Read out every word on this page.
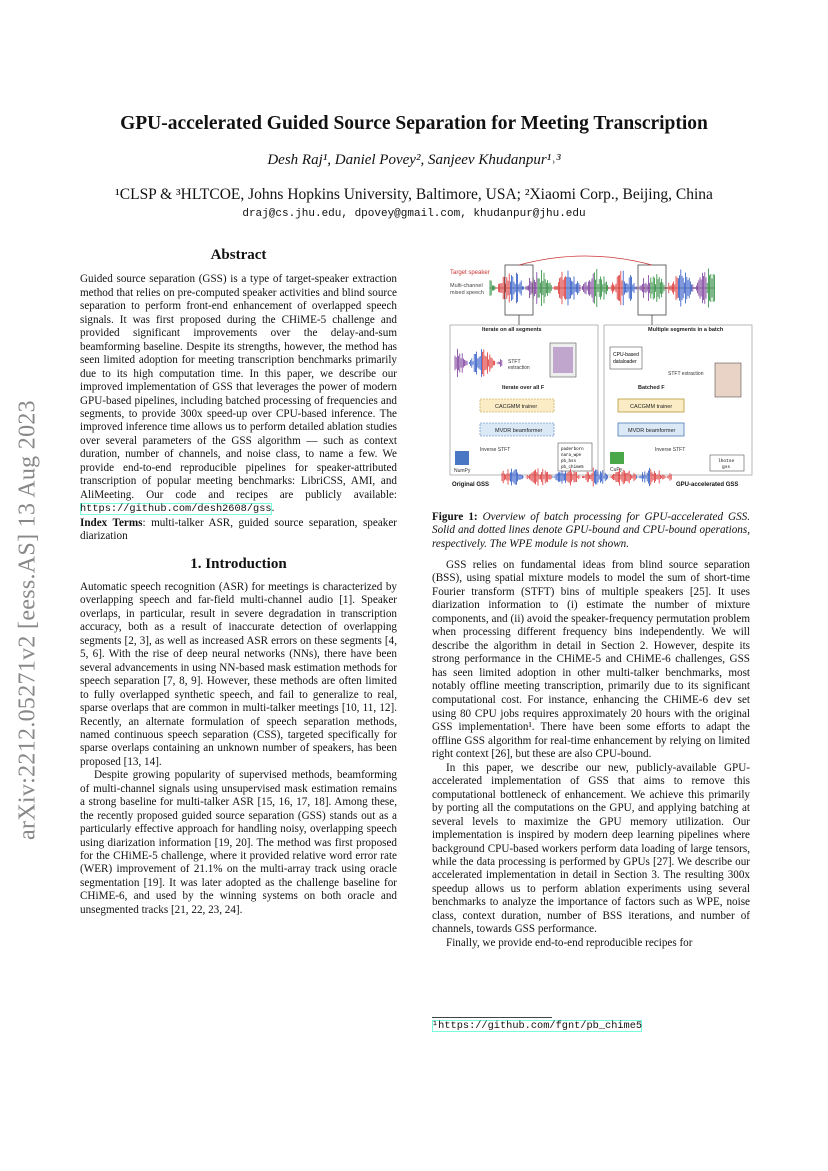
arXiv:2212.05271v2 [eess.AS] 13 Aug 2023
GPU-accelerated Guided Source Separation for Meeting Transcription
Desh Raj¹, Daniel Povey², Sanjeev Khudanpur¹˒³
¹CLSP & ³HLTCOE, Johns Hopkins University, Baltimore, USA; ²Xiaomi Corp., Beijing, China
draj@cs.jhu.edu, dpovey@gmail.com, khudanpur@jhu.edu
Abstract

Guided source separation (GSS) is a type of target-speaker extraction method that relies on pre-computed speaker activities and blind source separation to perform front-end enhancement of overlapped speech signals. It was first proposed during the CHiME-5 challenge and provided significant improvements over the delay-and-sum beamforming baseline. Despite its strengths, however, the method has seen limited adoption for meeting transcription benchmarks primarily due to its high computation time. In this paper, we describe our improved implementation of GSS that leverages the power of modern GPU-based pipelines, including batched processing of frequencies and segments, to provide 300x speed-up over CPU-based inference. The improved inference time allows us to perform detailed ablation studies over several parameters of the GSS algorithm — such as context duration, number of channels, and noise class, to name a few. We provide end-to-end reproducible pipelines for speaker-attributed transcription of popular meeting benchmarks: LibriCSS, AMI, and AliMeeting. Our code and recipes are publicly available: https://github.com/desh2608/gss.

Index Terms: multi-talker ASR, guided source separation, speaker diarization

1. Introduction

Automatic speech recognition (ASR) for meetings is characterized by overlapping speech and far-field multi-channel audio [1]. Speaker overlaps, in particular, result in severe degradation in transcription accuracy, both as a result of inaccurate detection of overlapping segments [2, 3], as well as increased ASR errors on these segments [4, 5, 6]. With the rise of deep neural networks (NNs), there have been several advancements in using NN-based mask estimation methods for speech separation [7, 8, 9]. However, these methods are often limited to fully overlapped synthetic speech, and fail to generalize to real, sparse overlaps that are common in multi-talker meetings [10, 11, 12]. Recently, an alternate formulation of speech separation methods, named continuous speech separation (CSS), targeted specifically for sparse overlaps containing an unknown number of speakers, has been proposed [13, 14].

Despite growing popularity of supervised methods, beamforming of multi-channel signals using unsupervised mask estimation remains a strong baseline for multi-talker ASR [15, 16, 17, 18]. Among these, the recently proposed guided source separation (GSS) stands out as a particularly effective approach for handling noisy, overlapping speech using diarization information [19, 20]. The method was first proposed for the CHiME-5 challenge, where it provided relative word error rate (WER) improvement of 21.1% on the multi-array track using oracle segmentation [19]. It was later adopted as the challenge baseline for CHiME-6, and used by the winning systems on both oracle and unsegmented tracks [21, 22, 23, 24].

Target speaker
Multi-channel
mixed speech
Iterate on all segments	Multiple segments in a batch
STFT
extraction
Iterate over all F
CACGMM trainer
MVDR beamformer
Inverse STFT	paderborn
nara_wpe
pb_bss
pb_chime5
NumPy
Original GSS
CPU-based
dataloader
STFT extraction
Batched F
CACGMM trainer
MVDR beamformer
Inverse STFT
lhotse
gss
CuPy
GPU-accelerated GSS
Figure 1: Overview of batch processing for GPU-accelerated GSS. Solid and dotted lines denote GPU-bound and CPU-bound operations, respectively. The WPE module is not shown.

GSS relies on fundamental ideas from blind source separation (BSS), using spatial mixture models to model the sum of short-time Fourier transform (STFT) bins of multiple speakers [25]. It uses diarization information to (i) estimate the number of mixture components, and (ii) avoid the speaker-frequency permutation problem when processing different frequency bins independently. We will describe the algorithm in detail in Section 2. However, despite its strong performance in the CHiME-5 and CHiME-6 challenges, GSS has seen limited adoption in other multi-talker benchmarks, most notably offline meeting transcription, primarily due to its significant computational cost. For instance, enhancing the CHiME-6 dev set using 80 CPU jobs requires approximately 20 hours with the original GSS implementation¹. There have been some efforts to adapt the offline GSS algorithm for real-time enhancement by relying on limited right context [26], but these are also CPU-bound.

In this paper, we describe our new, publicly-available GPU-accelerated implementation of GSS that aims to remove this computational bottleneck of enhancement. We achieve this primarily by porting all the computations on the GPU, and applying batching at several levels to maximize the GPU memory utilization. Our implementation is inspired by modern deep learning pipelines where background CPU-based workers perform data loading of large tensors, while the data processing is performed by GPUs [27]. We describe our accelerated implementation in detail in Section 3. The resulting 300x speedup allows us to perform ablation experiments using several benchmarks to analyze the importance of factors such as WPE, noise class, context duration, number of BSS iterations, and number of channels, towards GSS performance.

Finally, we provide end-to-end reproducible recipes for

¹https://github.com/fgnt/pb_chime5
